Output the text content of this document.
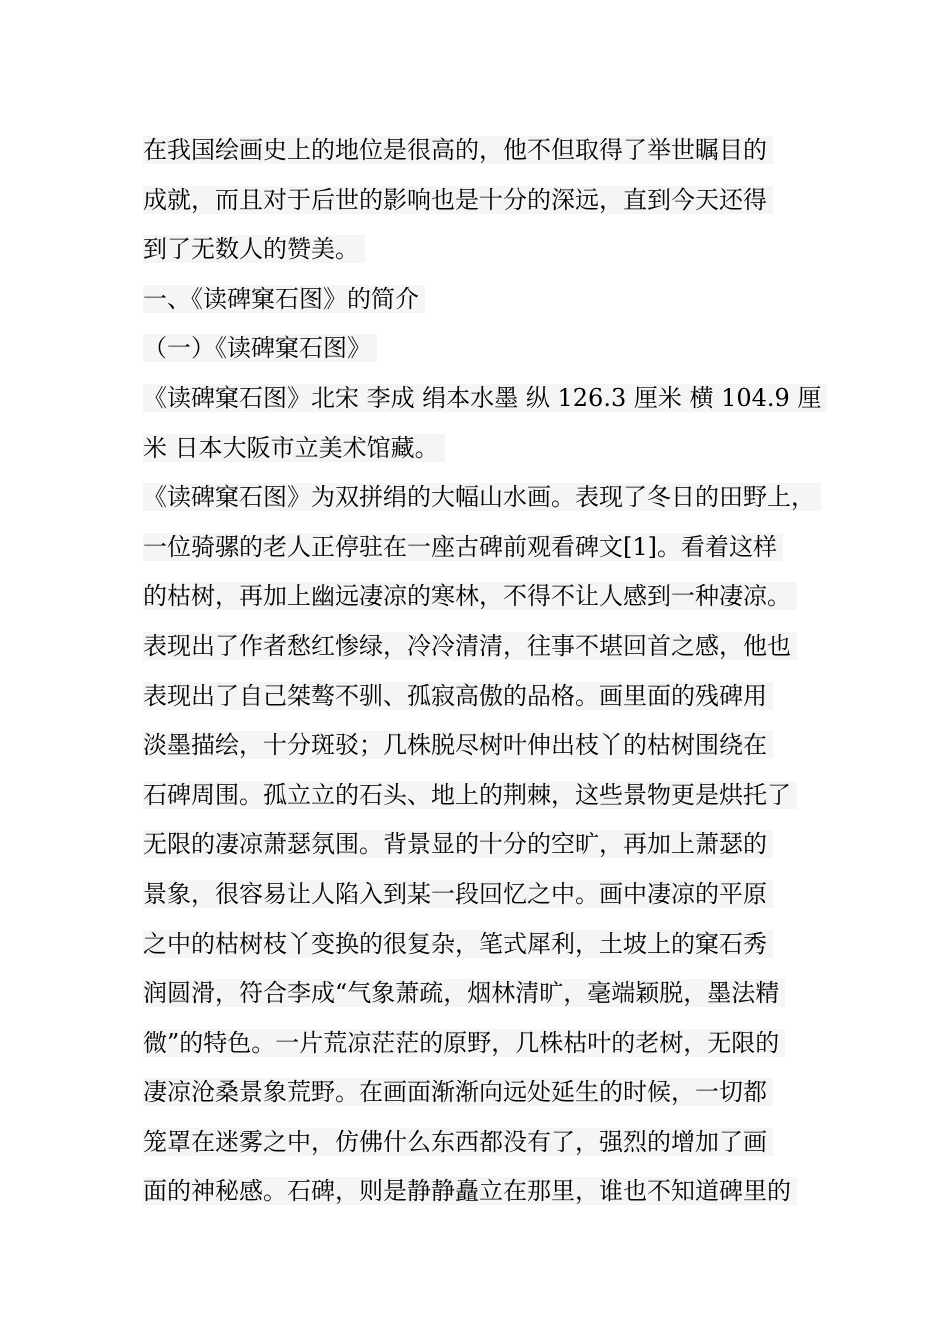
在我国绘画史上的地位是很高的，他不但取得了举世瞩目的
成就，而且对于后世的影响也是十分的深远，直到今天还得
到了无数人的赞美。
一、《读碑窠石图》的简介
（一）《读碑窠石图》
《读碑窠石图》北宋 李成 绢本水墨 纵 126.3 厘米 横 104.9 厘
米 日本大阪市立美术馆藏。
《读碑窠石图》为双拼绢的大幅山水画。表现了冬日的田野上，
一位骑骡的老人正停驻在一座古碑前观看碑文[1]。看着这样
的枯树，再加上幽远凄凉的寒林，不得不让人感到一种凄凉。
表现出了作者愁红惨绿，冷冷清清，往事不堪回首之感，他也
表现出了自己桀骜不驯、孤寂高傲的品格。画里面的残碑用
淡墨描绘，十分斑驳；几株脱尽树叶伸出枝丫的枯树围绕在
石碑周围。孤立立的石头、地上的荆棘，这些景物更是烘托了
无限的凄凉萧瑟氛围。背景显的十分的空旷，再加上萧瑟的
景象，很容易让人陷入到某一段回忆之中。画中凄凉的平原
之中的枯树枝丫变换的很复杂，笔式犀利，土坡上的窠石秀
润圆滑，符合李成“气象萧疏，烟林清旷，毫端颖脱，墨法精
微”的特色。一片荒凉茫茫的原野，几株枯叶的老树，无限的
凄凉沧桑景象荒野。在画面渐渐向远处延生的时候，一切都
笼罩在迷雾之中，仿佛什么东西都没有了，强烈的增加了画
面的神秘感。石碑，则是静静矗立在那里，谁也不知道碑里的
